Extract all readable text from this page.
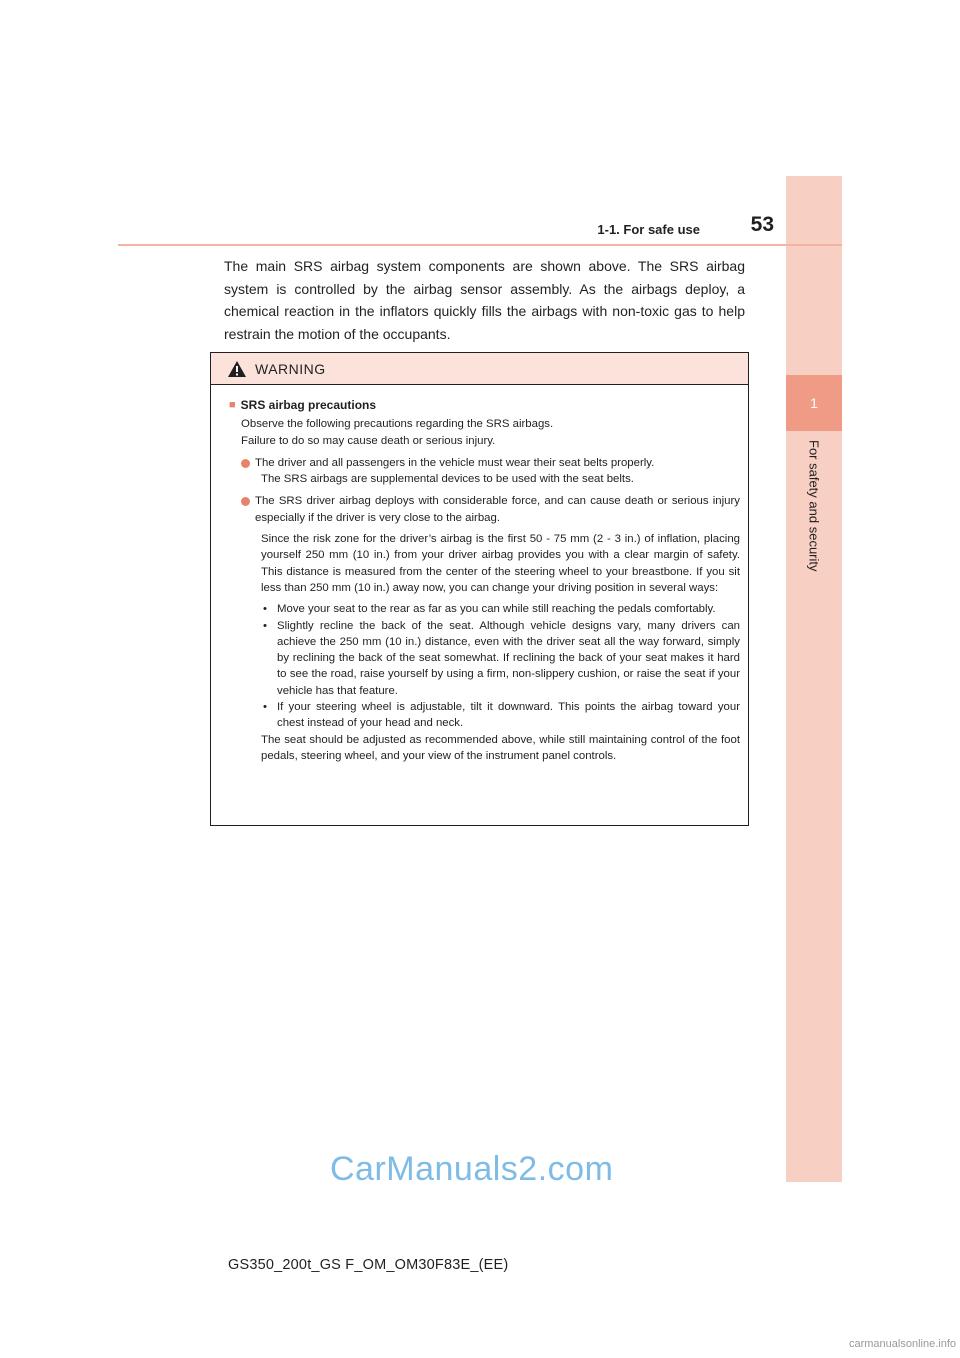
1
For safety and security
1-1. For safe use	53

The main SRS airbag system components are shown above. The SRS airbag system is controlled by the airbag sensor assembly. As the airbags deploy, a chemical reaction in the inflators quickly fills the airbags with non-toxic gas to help restrain the motion of the occupants.

WARNING
■ SRS airbag precautions

Observe the following precautions regarding the SRS airbags.

Failure to do so may cause death or serious injury.

The driver and all passengers in the vehicle must wear their seat belts properly.
The SRS airbags are supplemental devices to be used with the seat belts.
The SRS driver airbag deploys with considerable force, and can cause death or serious injury especially if the driver is very close to the airbag.
Since the risk zone for the driver’s airbag is the first 50 - 75 mm (2 - 3 in.) of inflation, placing yourself 250 mm (10 in.) from your driver airbag provides you with a clear margin of safety. This distance is measured from the center of the steering wheel to your breastbone. If you sit less than 250 mm (10 in.) away now, you can change your driving position in several ways:
• Move your seat to the rear as far as you can while still reaching the pedals comfortably.
• Slightly recline the back of the seat. Although vehicle designs vary, many drivers can achieve the 250 mm (10 in.) distance, even with the driver seat all the way forward, simply by reclining the back of the seat somewhat. If reclining the back of your seat makes it hard to see the road, raise yourself by using a firm, non-slippery cushion, or raise the seat if your vehicle has that feature.
• If your steering wheel is adjustable, tilt it downward. This points the airbag toward your chest instead of your head and neck.

The seat should be adjusted as recommended above, while still maintaining control of the foot pedals, steering wheel, and your view of the instrument panel controls.

CarManuals2.com
GS350_200t_GS F_OM_OM30F83E_(EE)
carmanualsonline.info
